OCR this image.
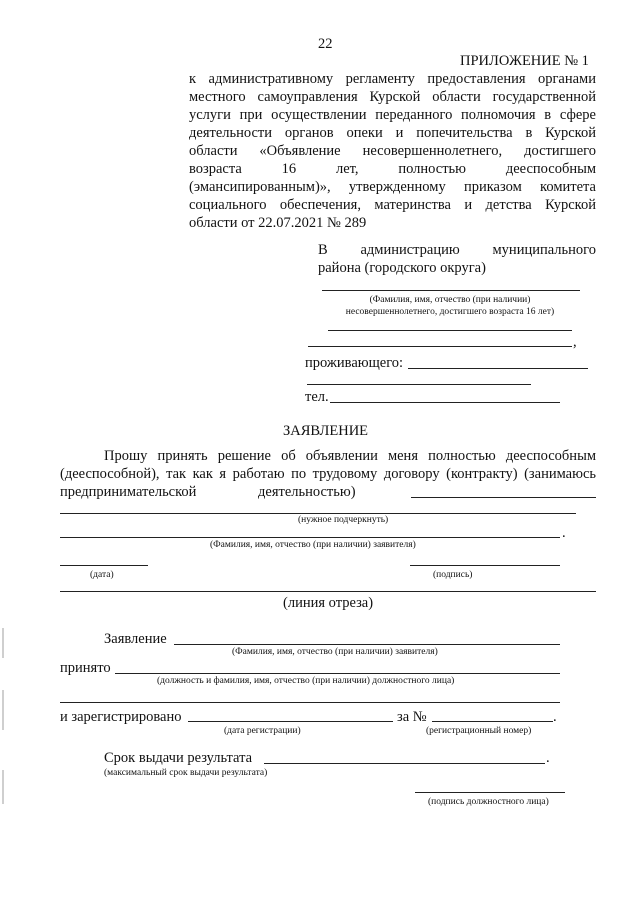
22
ПРИЛОЖЕНИЕ № 1
к административному регламенту предоставления органами
местного самоуправления Курской области государственной
услуги при осуществлении переданного полномочия в сфере
деятельности органов опеки и попечительства в Курской
области «Объявление несовершеннолетнего, достигшего
возраста 16 лет, полностью дееспособным
(эмансипированным)», утвержденному приказом комитета
социального обеспечения, материнства и детства Курской
области от 22.07.2021 № 289
В администрацию муниципального
района (городского округа)
(Фамилия, имя, отчество (при наличии)
несовершеннолетнего, достигшего возраста 16 лет)
,
проживающего:
тел.
ЗАЯВЛЕНИЕ
Прошу принять решение об объявлении меня полностью дееспособным
(дееспособной), так как я работаю по трудовому договору (контракту) (занимаюсь
предпринимательской	деятельностью)
(нужное подчеркнуть)
.
(Фамилия, имя, отчество (при наличии) заявителя)
(дата)	(подпись)
(линия отреза)
Заявление
(Фамилия, имя, отчество (при наличии) заявителя)
принято
(должность и фамилия, имя, отчество (при наличии) должностного лица)
и зарегистрировано	за №	.
(дата регистрации)	(регистрационный номер)
Срок выдачи результата	.
(максимальный срок выдачи результата)
(подпись должностного лица)
